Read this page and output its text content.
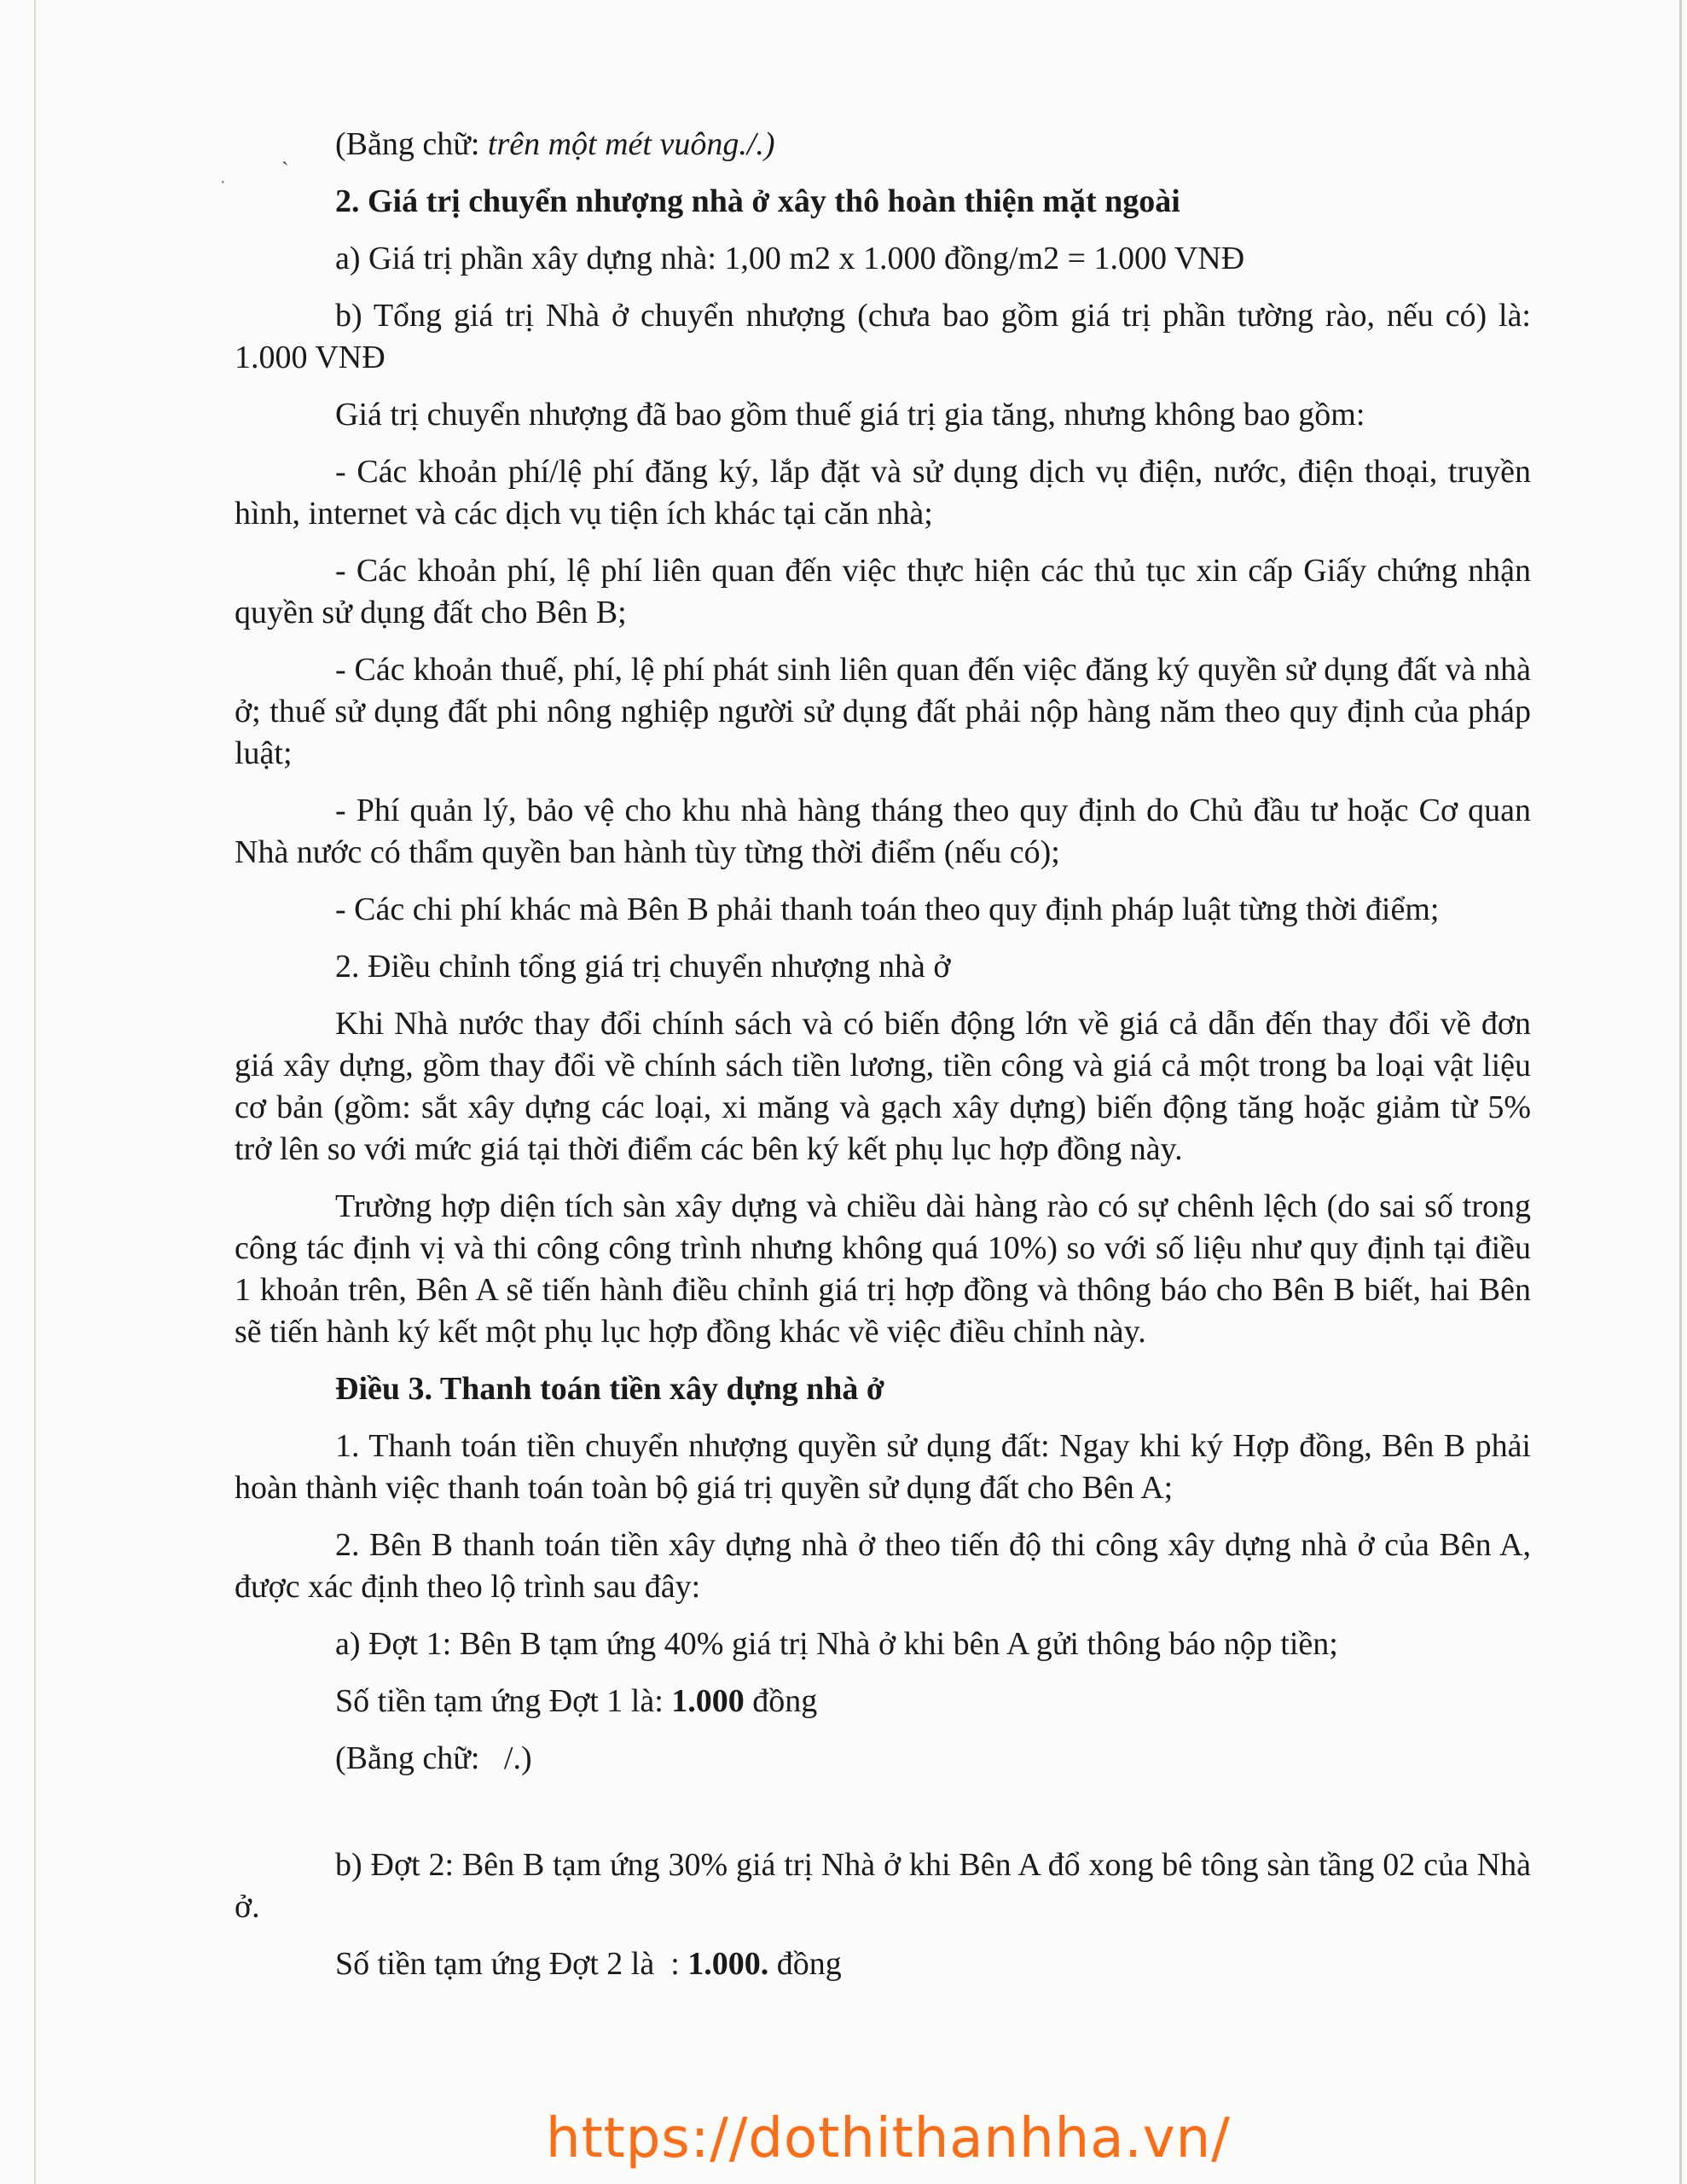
ˎ
·

(Bằng chữ: trên một mét vuông./.)

2. Giá trị chuyển nhượng nhà ở xây thô hoàn thiện mặt ngoài

a) Giá trị phần xây dựng nhà: 1,00 m2 x 1.000 đồng/m2 = 1.000 VNĐ

b) Tổng giá trị Nhà ở chuyển nhượng (chưa bao gồm giá trị phần tường rào, nếu có) là: 1.000 VNĐ

Giá trị chuyển nhượng đã bao gồm thuế giá trị gia tăng, nhưng không bao gồm:

- Các khoản phí/lệ phí đăng ký, lắp đặt và sử dụng dịch vụ điện, nước, điện thoại, truyền hình, internet và các dịch vụ tiện ích khác tại căn nhà;

- Các khoản phí, lệ phí liên quan đến việc thực hiện các thủ tục xin cấp Giấy chứng nhận quyền sử dụng đất cho Bên B;

- Các khoản thuế, phí, lệ phí phát sinh liên quan đến việc đăng ký quyền sử dụng đất và nhà ở; thuế sử dụng đất phi nông nghiệp người sử dụng đất phải nộp hàng năm theo quy định của pháp luật;

- Phí quản lý, bảo vệ cho khu nhà hàng tháng theo quy định do Chủ đầu tư hoặc Cơ quan Nhà nước có thẩm quyền ban hành tùy từng thời điểm (nếu có);

- Các chi phí khác mà Bên B phải thanh toán theo quy định pháp luật từng thời điểm;

2. Điều chỉnh tổng giá trị chuyển nhượng nhà ở

Khi Nhà nước thay đổi chính sách và có biến động lớn về giá cả dẫn đến thay đổi về đơn giá xây dựng, gồm thay đổi về chính sách tiền lương, tiền công và giá cả một trong ba loại vật liệu cơ bản (gồm: sắt xây dựng các loại, xi măng và gạch xây dựng) biến động tăng hoặc giảm từ 5% trở lên so với mức giá tại thời điểm các bên ký kết phụ lục hợp đồng này.

Trường hợp diện tích sàn xây dựng và chiều dài hàng rào có sự chênh lệch (do sai số trong công tác định vị và thi công công trình nhưng không quá 10%) so với số liệu như quy định tại điều 1 khoản trên, Bên A sẽ tiến hành điều chỉnh giá trị hợp đồng và thông báo cho Bên B biết, hai Bên sẽ tiến hành ký kết một phụ lục hợp đồng khác về việc điều chỉnh này.

Điều 3. Thanh toán tiền xây dựng nhà ở

1. Thanh toán tiền chuyển nhượng quyền sử dụng đất: Ngay khi ký Hợp đồng, Bên B phải hoàn thành việc thanh toán toàn bộ giá trị quyền sử dụng đất cho Bên A;

2. Bên B thanh toán tiền xây dựng nhà ở theo tiến độ thi công xây dựng nhà ở của Bên A, được xác định theo lộ trình sau đây:

a) Đợt 1: Bên B tạm ứng 40% giá trị Nhà ở khi bên A gửi thông báo nộp tiền;

Số tiền tạm ứng Đợt 1 là: 1.000 đồng

(Bằng chữ:   /.)

b) Đợt 2: Bên B tạm ứng 30% giá trị Nhà ở khi Bên A đổ xong bê tông sàn tầng 02 của Nhà ở.

Số tiền tạm ứng Đợt 2 là  : 1.000. đồng

https://dothithanhha.vn/
